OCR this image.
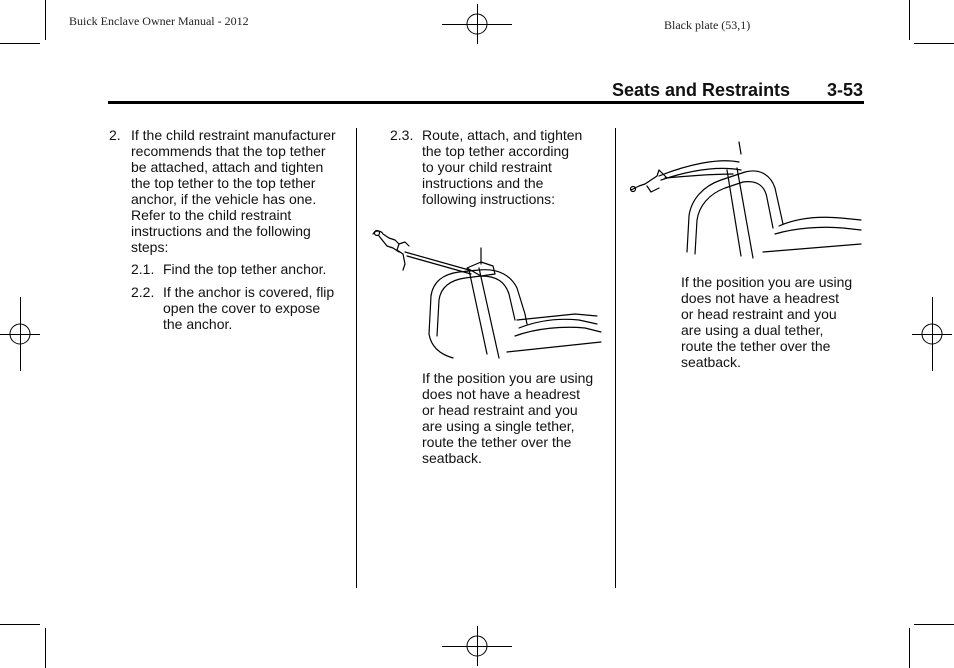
Buick Enclave Owner Manual - 2012	Black plate (53,1)
Seats and Restraints 3-53
2. If the child restraint manufacturer
recommends that the top tether
be attached, attach and tighten
the top tether to the top tether
anchor, if the vehicle has one.
Refer to the child restraint
instructions and the following
steps:
2.1. Find the top tether anchor.
2.2. If the anchor is covered, flip
open the cover to expose
the anchor.
2.3. Route, attach, and tighten
the top tether according
to your child restraint
instructions and the
following instructions:
If the position you are using
does not have a headrest
or head restraint and you
are using a single tether,
route the tether over the
seatback.
If the position you are using
does not have a headrest
or head restraint and you
are using a dual tether,
route the tether over the
seatback.
